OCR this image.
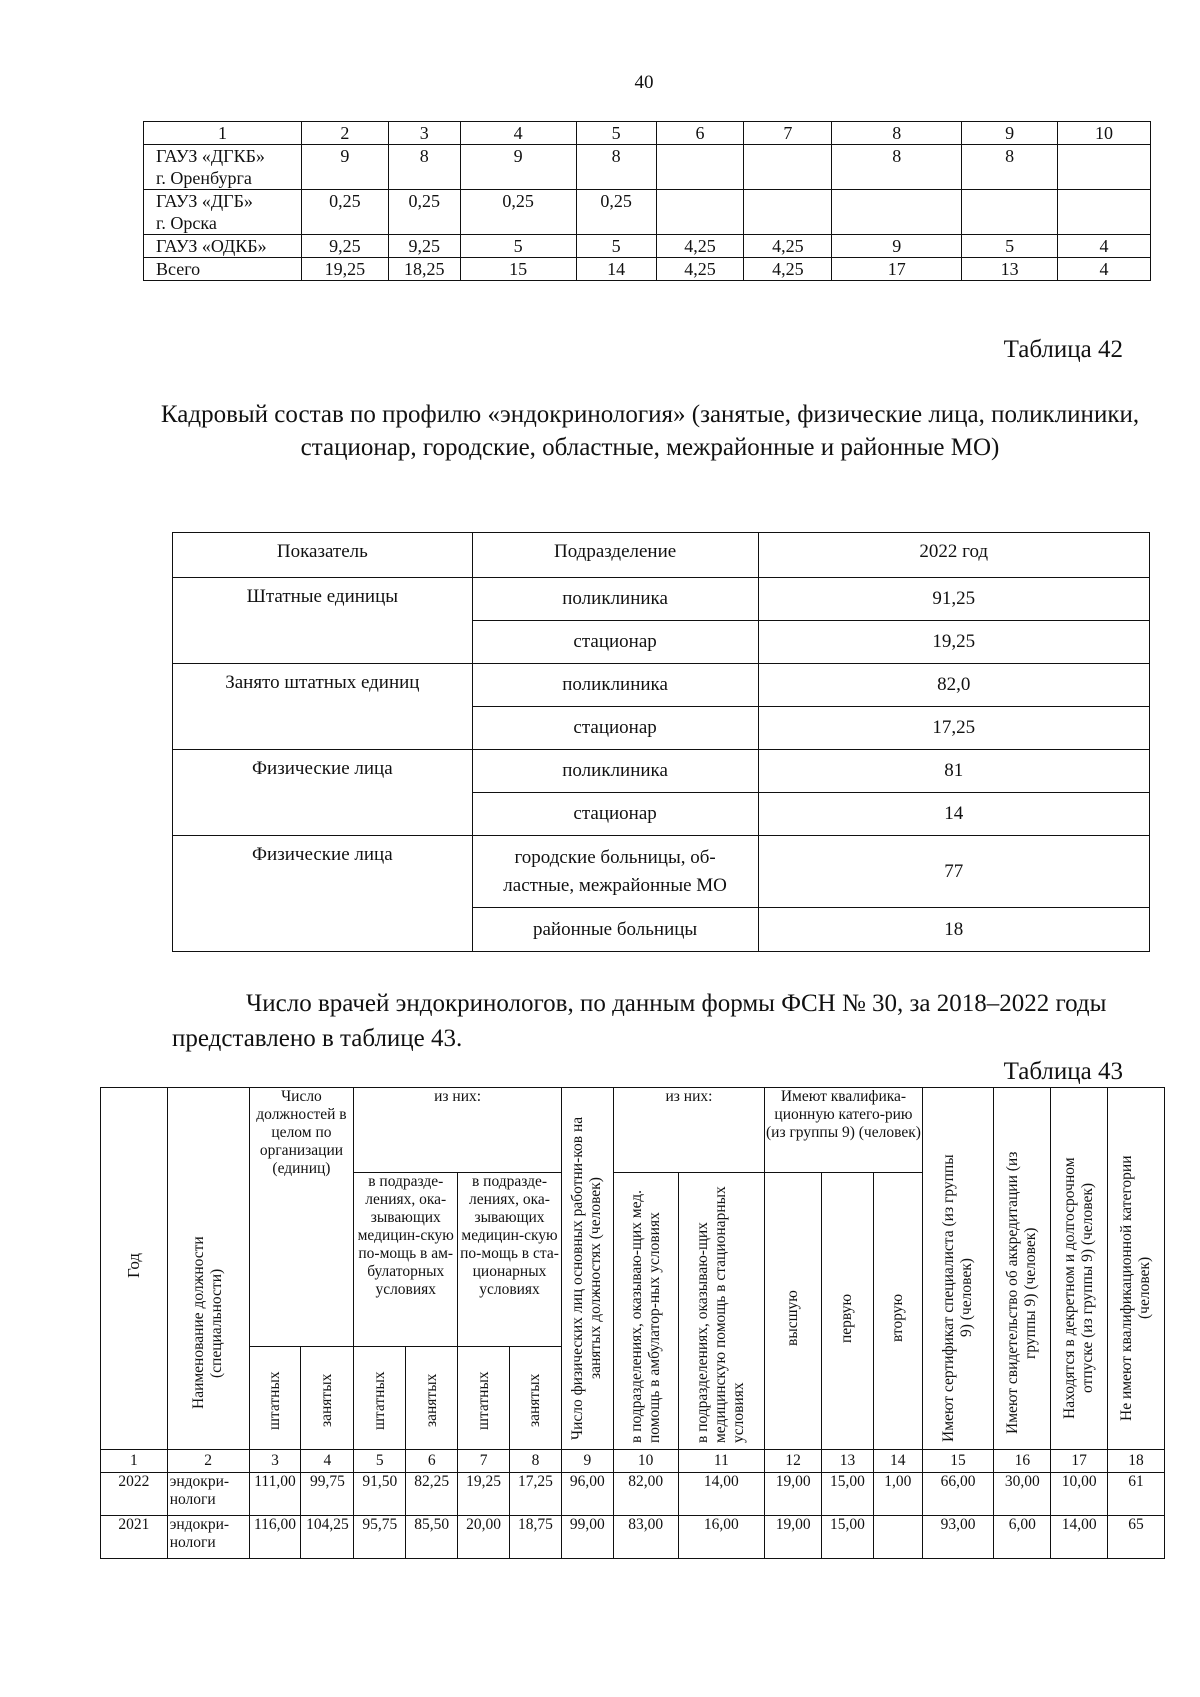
40
1	2	3	4	5	6	7	8	9	10

ГАУЗ «ДГКБ»
г. Оренбурга	9	8	9	8			8	8	

ГАУЗ «ДГБ»
г. Орска	0,25	0,25	0,25	0,25					
ГАУЗ «ОДКБ»	9,25	9,25	5	5	4,25	4,25	9	5	4
Всего	19,25	18,25	15	14	4,25	4,25	17	13	4
Таблица 42
Кадровый состав по профилю «эндокринология» (занятые, физические лица, поликлиники, стационар, городские, областные, межрайонные и районные МО)
Показатель	Подразделение	2022 год
Штатные единицы	поликлиника	91,25
	стационар	19,25
Занято штатных единиц	поликлиника	82,0
	стационар	17,25
Физические лица	поликлиника	81
	стационар	14
Физические лица	городские больницы, об-ластные, межрайонные МО	77
	районные больницы	18
Число врачей эндокринологов, по данным формы ФСН № 30, за 2018–2022 годы представлено в таблице 43.
Таблица 43
Год	Наименование должности (специальности)	Число должностей в целом по организации (единиц)		из них:				Число физических лиц основных работни-ков на занятых должностях (человек)	из них:		Имеют квалифика-ционную катего-рию (из группы 9) (человек)			Имеют сертификат специалиста (из группы 9) (человек)	Имеют свидетельство об аккредитации (из группы 9) (человек)	Находятся в декретном и долгосрочном отпуске (из группы 9) (человек)	Не имеют квалификационной категории (человек)

				в подразде-лениях, ока-зывающих медицин-скую по-мощь в ам-булаторных условиях		в подразде-лениях, ока-зывающих медицин-скую по-мощь в ста-ционарных условиях			в подразделениях, оказываю-щих мед. помощь в амбулатор-ных условиях	в подразделениях, оказываю-щих медицинскую помощь в стационарных условиях	высшую	первую	вторую				

		штатных	занятых	штатных	занятых	штатных	занятых										

1	2	3	4	5	6	7	8	9	10	11	12	13	14	15	16	17	18
2022	эндокри-нологи	111,00	99,75	91,50	82,25	19,25	17,25	96,00	82,00	14,00	19,00	15,00	1,00	66,00	30,00	10,00	61
2021	эндокри-нологи	116,00	104,25	95,75	85,50	20,00	18,75	99,00	83,00	16,00	19,00	15,00		93,00	6,00	14,00	65
